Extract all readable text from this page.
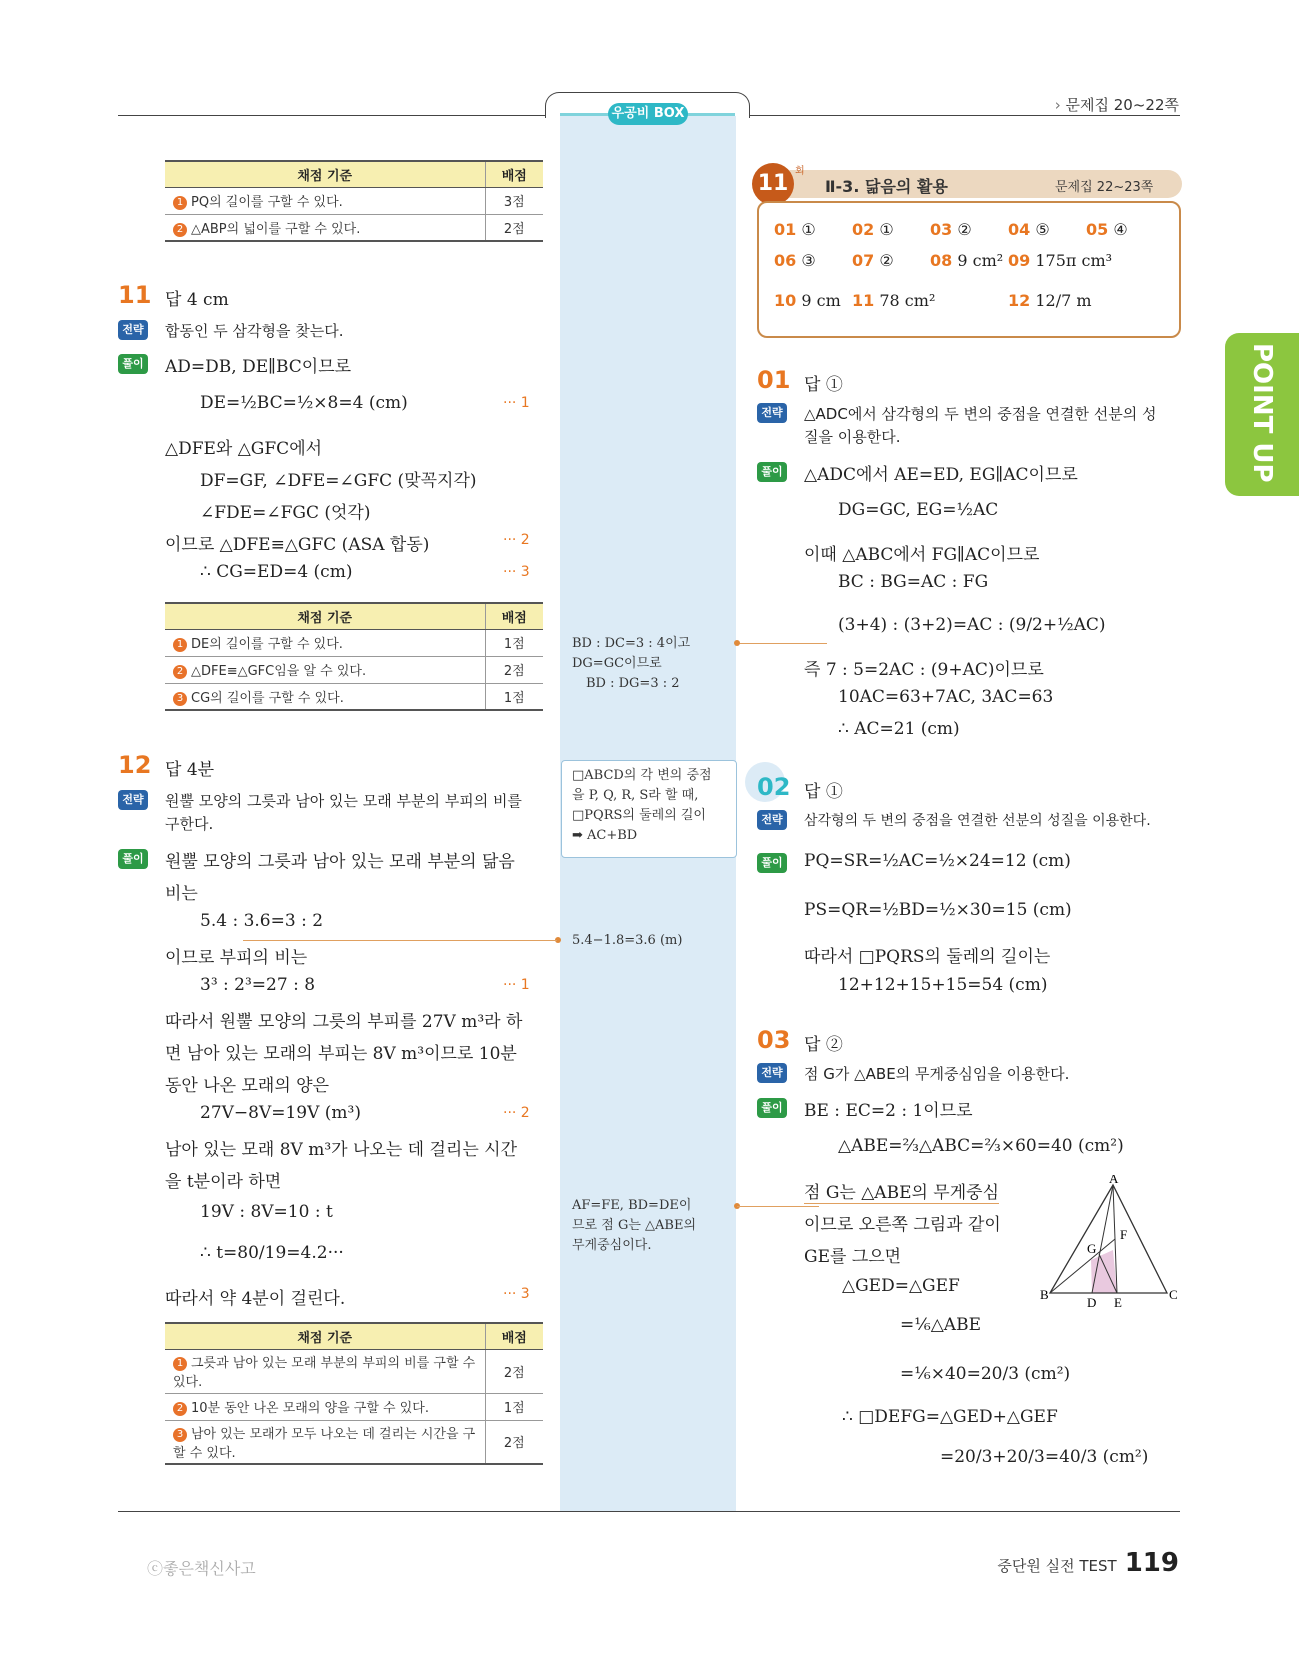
우공비 BOX	› 문제집 20~22쪽
채점 기준	배점
1 PQ의 길이를 구할 수 있다.	3점
2 △ABP의 넓이를 구할 수 있다.	2점
11 답 4 cm
전략 합동인 두 삼각형을 찾는다.
풀이 AD=DB, DE∥BC이므로
DE=½BC=½×8=4 (cm)	··· 1
△DFE와 △GFC에서
DF=GF, ∠DFE=∠GFC (맞꼭지각)
∠FDE=∠FGC (엇각)
이므로 △DFE≡△GFC (ASA 합동)	··· 2
∴ CG=ED=4 (cm)	··· 3
채점 기준	배점
1 DE의 길이를 구할 수 있다.	1점
2 △DFE≡△GFC임을 알 수 있다.	2점
3 CG의 길이를 구할 수 있다.	1점
12 답 4분
전략 원뿔 모양의 그릇과 남아 있는 모래 부분의 부피의 비를
구한다.
풀이 원뿔 모양의 그릇과 남아 있는 모래 부분의 닮음
비는
5.4 : 3.6=3 : 2
이므로 부피의 비는
3³ : 2³=27 : 8	··· 1
따라서 원뿔 모양의 그릇의 부피를 27V m³라 하
면 남아 있는 모래의 부피는 8V m³이므로 10분
동안 나온 모래의 양은
27V−8V=19V (m³)	··· 2
남아 있는 모래 8V m³가 나오는 데 걸리는 시간
을 t분이라 하면
19V : 8V=10 : t
∴ t=80/19=4.2···
따라서 약 4분이 걸린다.	··· 3
채점 기준	배점
1 그릇과 남아 있는 모래 부분의 부피의 비를 구할 수 있다.	2점
2 10분 동안 나온 모래의 양을 구할 수 있다.	1점
3 남아 있는 모래가 모두 나오는 데 걸리는 시간을 구할 수 있다.	2점
BD : DC=3 : 4이고
DG=GC이므로
BD : DG=3 : 2
□ABCD의 각 변의 중점
을 P, Q, R, S라 할 때,
□PQRS의 둘레의 길이
➡ AC+BD
5.4−1.8=3.6 (m)
AF=FE, BD=DE이
므로 점 G는 △ABE의
무게중심이다.
11 회
Ⅱ-3. 닮음의 활용	문제집 22~23쪽
01 ① 02 ① 03 ② 04 ⑤ 05 ④
06 ③ 07 ② 08 9 cm² 09 175π cm³
10 9 cm 11 78 cm²	12 12/7 m
01 답 ①
전략 △ADC에서 삼각형의 두 변의 중점을 연결한 선분의 성
질을 이용한다.
풀이 △ADC에서 AE=ED, EG∥AC이므로
DG=GC, EG=½AC
이때 △ABC에서 FG∥AC이므로
BC : BG=AC : FG
(3+4) : (3+2)=AC : (9/2+½AC)
즉 7 : 5=2AC : (9+AC)이므로
10AC=63+7AC, 3AC=63
∴ AC=21 (cm)
02 답 ①
전략	삼각형의 두 변의 중점을 연결한 선분의 성질을 이용한다.
풀이 PQ=SR=½AC=½×24=12 (cm)
PS=QR=½BD=½×30=15 (cm)
따라서 □PQRS의 둘레의 길이는
12+12+15+15=54 (cm)
03 답 ②
전략 점 G가 △ABE의 무게중심임을 이용한다.
풀이 BE : EC=2 : 1이므로
△ABE=⅔△ABC=⅔×60=40 (cm²)
점 G는 △ABE의 무게중심
이므로 오른쪽 그림과 같이
GE를 그으면
△GED=△GEF
=⅙△ABE
=⅙×40=20/3 (cm²)
∴ □DEFG=△GED+△GEF
=20/3+20/3=40/3 (cm²)
A
B	C
D E
F
G
POINT UP
ⓒ좋은책신사고	중단원 실전 TEST 119
